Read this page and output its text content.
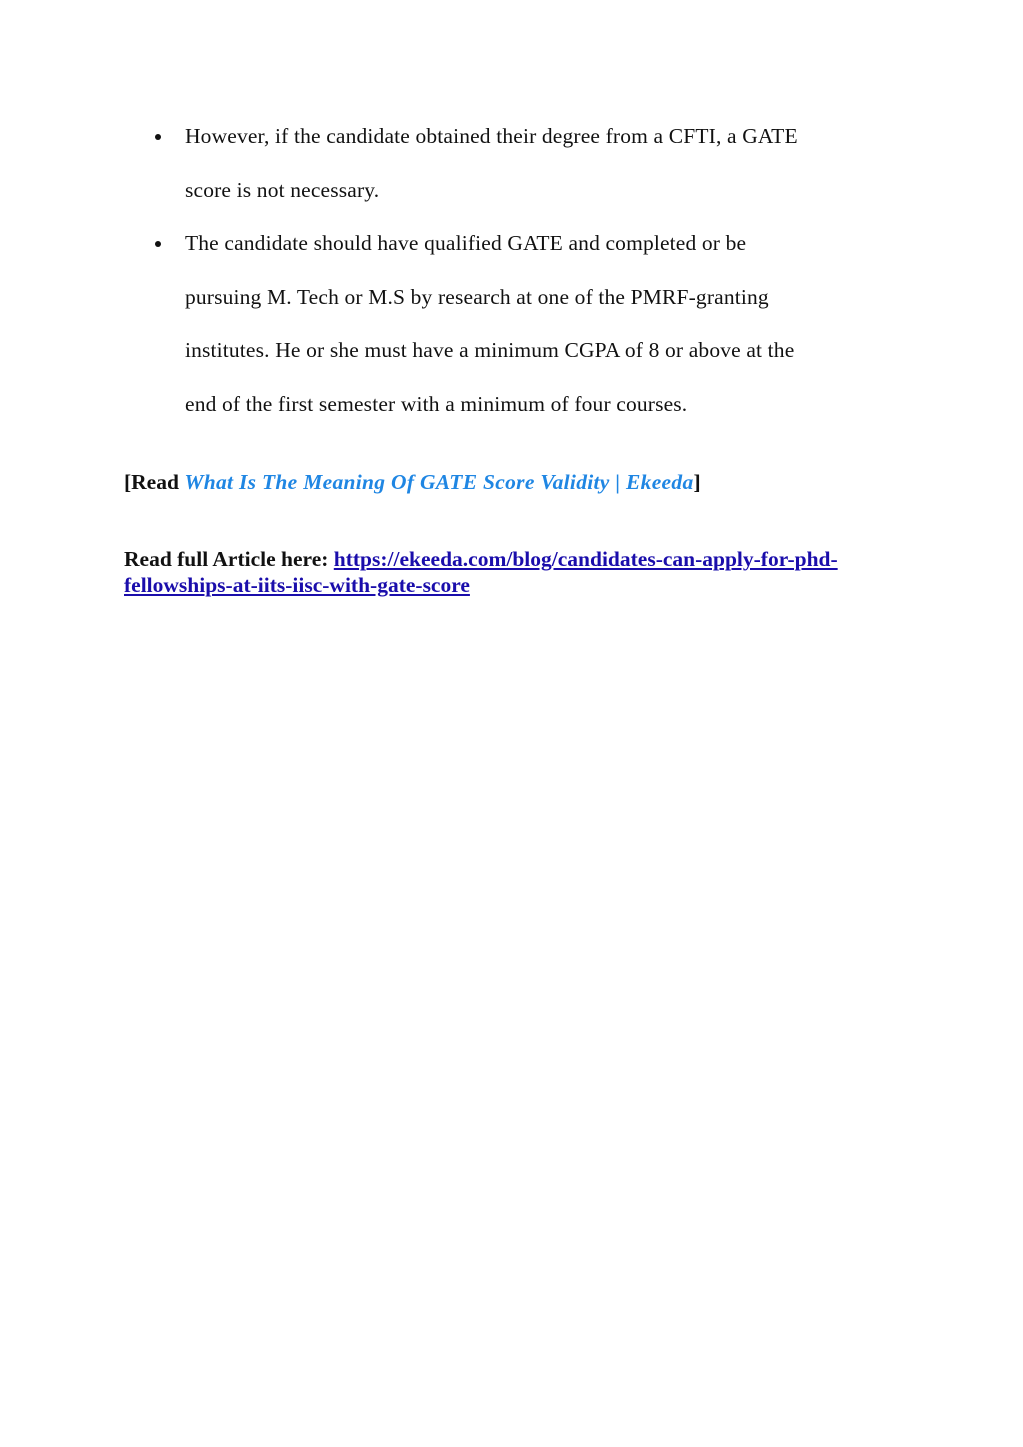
However, if the candidate obtained their degree from a CFTI, a GATE
score is not necessary.
The candidate should have qualified GATE and completed or be
pursuing M. Tech or M.S by research at one of the PMRF-granting
institutes. He or she must have a minimum CGPA of 8 or above at the
end of the first semester with a minimum of four courses.
[Read What Is The Meaning Of GATE Score Validity | Ekeeda]
Read full Article here: https://ekeeda.com/blog/candidates-can-apply-for-phd-
fellowships-at-iits-iisc-with-gate-score
